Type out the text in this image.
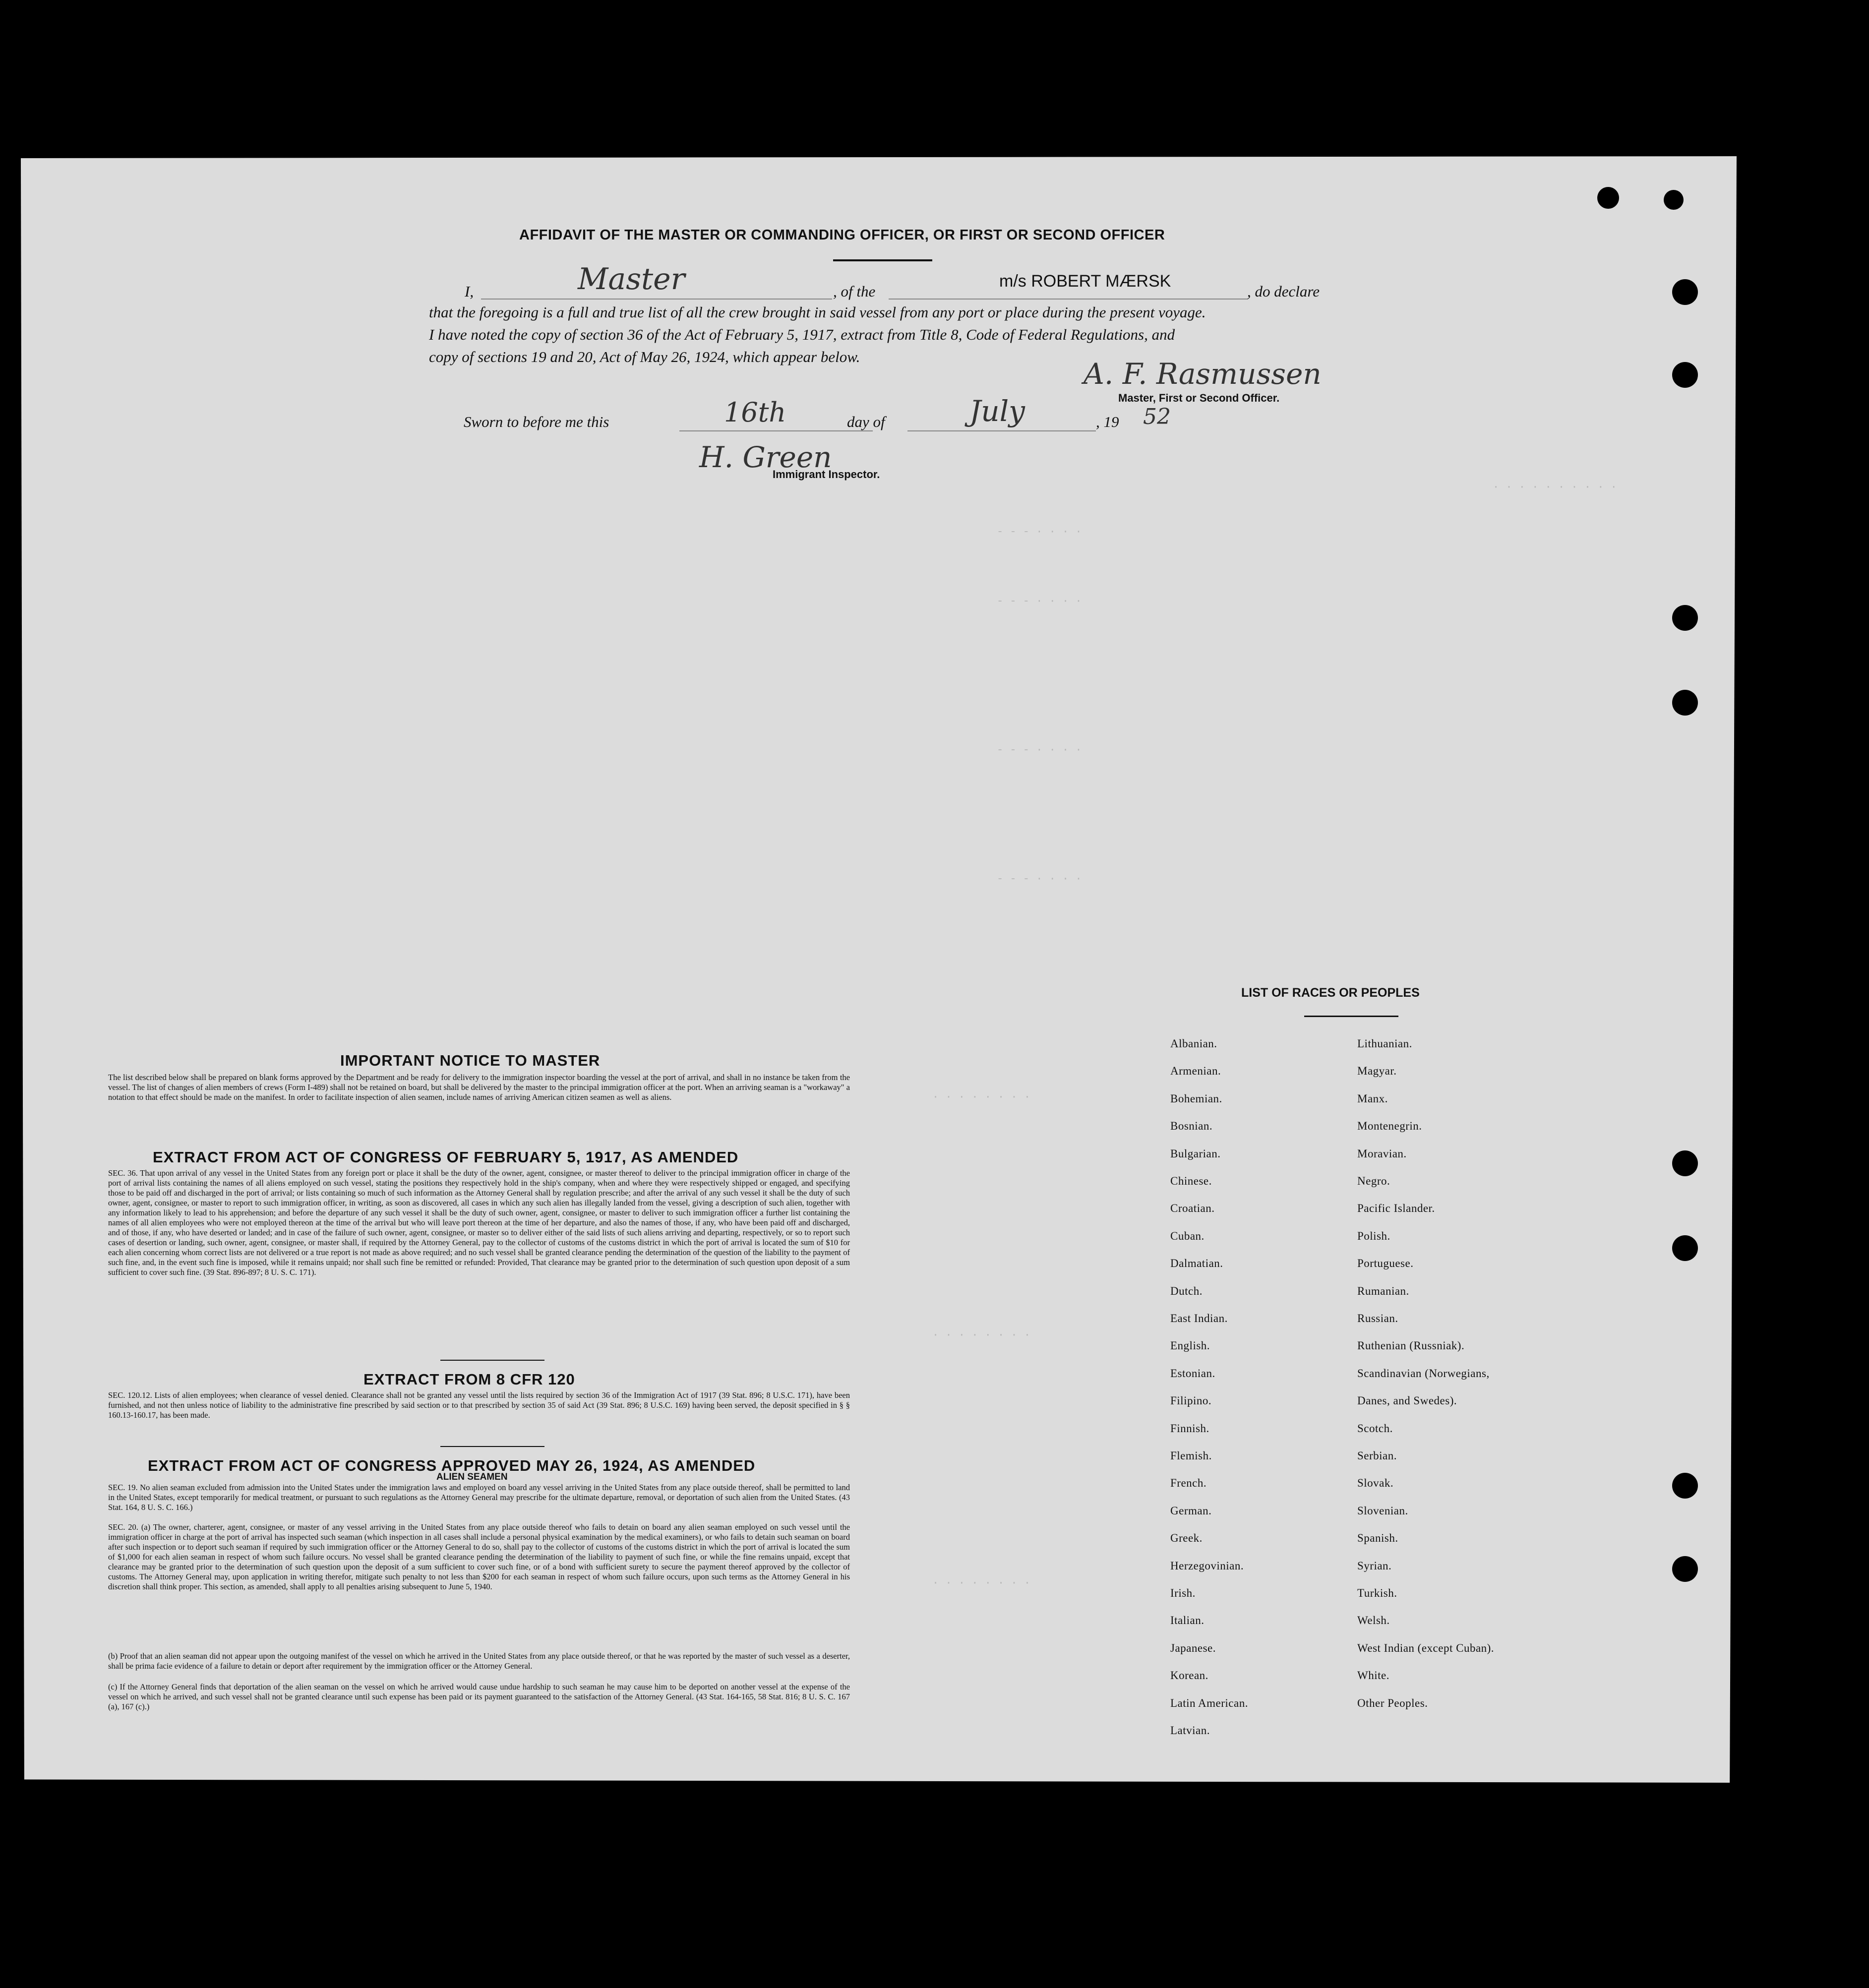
· · · · · · · · · ·
- - - · · · ·
- - - · · · ·
- - - · · · ·
- - - · · · ·
· · · · · · · ·
· · · · · · · ·
· · · · · · · ·
AFFIDAVIT OF THE MASTER OR COMMANDING OFFICER, OR FIRST OR SECOND OFFICER
I,	Master	, of the
m/s ROBERT MÆRSK
, do declare
that the foregoing is a full and true list of all the crew brought in said vessel from any port or place during the present voyage.
I have noted the copy of section 36 of the Act of February 5, 1917, extract from Title 8, Code of Federal Regulations, and
copy of sections 19 and 20, Act of May 26, 1924, which appear below.
A. F. Rasmussen
Master, First or Second Officer.
Sworn to before me this	16th	day of	July	, 19 52
H. Green
Immigrant Inspector.
IMPORTANT NOTICE TO MASTER
The list described below shall be prepared on blank forms approved by the Department and be ready for delivery to the immigration inspector boarding the vessel at the port of arrival, and shall in no instance be taken from the vessel. The list of changes of alien members of crews (Form I-489) shall not be retained on board, but shall be delivered by the master to the principal immigration officer at the port. When an arriving seaman is a "workaway" a notation to that effect should be made on the manifest. In order to facilitate inspection of alien seamen, include names of arriving American citizen seamen as well as aliens.
EXTRACT FROM ACT OF CONGRESS OF FEBRUARY 5, 1917, AS AMENDED
SEC. 36. That upon arrival of any vessel in the United States from any foreign port or place it shall be the duty of the owner, agent, consignee, or master thereof to deliver to the principal immigration officer in charge of the port of arrival lists containing the names of all aliens employed on such vessel, stating the positions they respectively hold in the ship's company, when and where they were respectively shipped or engaged, and specifying those to be paid off and discharged in the port of arrival; or lists containing so much of such information as the Attorney General shall by regulation prescribe; and after the arrival of any such vessel it shall be the duty of such owner, agent, consignee, or master to report to such immigration officer, in writing, as soon as discovered, all cases in which any such alien has illegally landed from the vessel, giving a description of such alien, together with any information likely to lead to his apprehension; and before the departure of any such vessel it shall be the duty of such owner, agent, consignee, or master to deliver to such immigration officer a further list containing the names of all alien employees who were not employed thereon at the time of the arrival but who will leave port thereon at the time of her departure, and also the names of those, if any, who have been paid off and discharged, and of those, if any, who have deserted or landed; and in case of the failure of such owner, agent, consignee, or master so to deliver either of the said lists of such aliens arriving and departing, respectively, or so to report such cases of desertion or landing, such owner, agent, consignee, or master shall, if required by the Attorney General, pay to the collector of customs of the customs district in which the port of arrival is located the sum of $10 for each alien concerning whom correct lists are not delivered or a true report is not made as above required; and no such vessel shall be granted clearance pending the determination of the question of the liability to the payment of such fine, and, in the event such fine is imposed, while it remains unpaid; nor shall such fine be remitted or refunded: Provided, That clearance may be granted prior to the determination of such question upon deposit of a sum sufficient to cover such fine. (39 Stat. 896-897; 8 U. S. C. 171).
EXTRACT FROM 8 CFR 120
SEC. 120.12. Lists of alien employees; when clearance of vessel denied. Clearance shall not be granted any vessel until the lists required by section 36 of the Immigration Act of 1917 (39 Stat. 896; 8 U.S.C. 171), have been furnished, and not then unless notice of liability to the administrative fine prescribed by said section or to that prescribed by section 35 of said Act (39 Stat. 896; 8 U.S.C. 169) having been served, the deposit specified in § § 160.13-160.17, has been made.
EXTRACT FROM ACT OF CONGRESS APPROVED MAY 26, 1924, AS AMENDED
ALIEN SEAMEN
SEC. 19. No alien seaman excluded from admission into the United States under the immigration laws and employed on board any vessel arriving in the United States from any place outside thereof, shall be permitted to land in the United States, except temporarily for medical treatment, or pursuant to such regulations as the Attorney General may prescribe for the ultimate departure, removal, or deportation of such alien from the United States. (43 Stat. 164, 8 U. S. C. 166.)
SEC. 20. (a) The owner, charterer, agent, consignee, or master of any vessel arriving in the United States from any place outside thereof who fails to detain on board any alien seaman employed on such vessel until the immigration officer in charge at the port of arrival has inspected such seaman (which inspection in all cases shall include a personal physical examination by the medical examiners), or who fails to detain such seaman on board after such inspection or to deport such seaman if required by such immigration officer or the Attorney General to do so, shall pay to the collector of customs of the customs district in which the port of arrival is located the sum of $1,000 for each alien seaman in respect of whom such failure occurs. No vessel shall be granted clearance pending the determination of the liability to payment of such fine, or while the fine remains unpaid, except that clearance may be granted prior to the determination of such question upon the deposit of a sum sufficient to cover such fine, or of a bond with sufficient surety to secure the payment thereof approved by the collector of customs. The Attorney General may, upon application in writing therefor, mitigate such penalty to not less than $200 for each seaman in respect of whom such failure occurs, upon such terms as the Attorney General in his discretion shall think proper. This section, as amended, shall apply to all penalties arising subsequent to June 5, 1940.
(b) Proof that an alien seaman did not appear upon the outgoing manifest of the vessel on which he arrived in the United States from any place outside thereof, or that he was reported by the master of such vessel as a deserter, shall be prima facie evidence of a failure to detain or deport after requirement by the immigration officer or the Attorney General.
(c) If the Attorney General finds that deportation of the alien seaman on the vessel on which he arrived would cause undue hardship to such seaman he may cause him to be deported on another vessel at the expense of the vessel on which he arrived, and such vessel shall not be granted clearance until such expense has been paid or its payment guaranteed to the satisfaction of the Attorney General. (43 Stat. 164-165, 58 Stat. 816; 8 U. S. C. 167 (a), 167 (c).)
LIST OF RACES OR PEOPLES
Albanian.
Armenian.
Bohemian.
Bosnian.
Bulgarian.
Chinese.
Croatian.
Cuban.
Dalmatian.
Dutch.
East Indian.
English.
Estonian.
Filipino.
Finnish.
Flemish.
French.
German.
Greek.
Herzegovinian.
Irish.
Italian.
Japanese.
Korean.
Latin American.
Latvian.
Lithuanian.
Magyar.
Manx.
Montenegrin.
Moravian.
Negro.
Pacific Islander.
Polish.
Portuguese.
Rumanian.
Russian.
Ruthenian (Russniak).
Scandinavian (Norwegians,
Danes, and Swedes).
Scotch.
Serbian.
Slovak.
Slovenian.
Spanish.
Syrian.
Turkish.
Welsh.
West Indian (except Cuban).
White.
Other Peoples.
